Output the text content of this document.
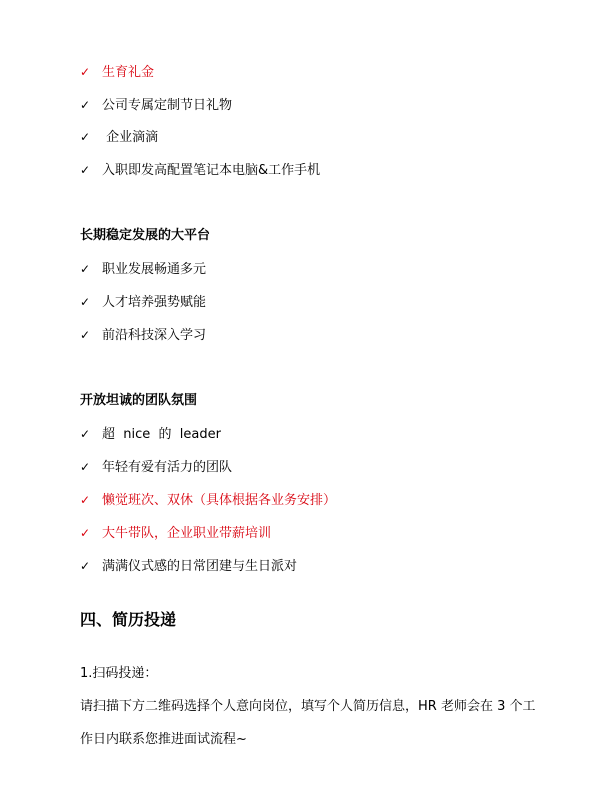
✓ 生育礼金
✓ 公司专属定制节日礼物
✓ 企业滴滴
✓ 入职即发高配置笔记本电脑&工作手机
长期稳定发展的大平台
✓ 职业发展畅通多元
✓ 人才培养强势赋能
✓ 前沿科技深入学习
开放坦诚的团队氛围
✓ 超  nice  的  leader
✓ 年轻有爱有活力的团队
✓ 懒觉班次、双休（具体根据各业务安排）
✓ 大牛带队，企业职业带薪培训
✓ 满满仪式感的日常团建与生日派对
四、简历投递
1.扫码投递：
请扫描下方二维码选择个人意向岗位，填写个人简历信息，HR 老师会在 3 个工
作日内联系您推进面试流程~
